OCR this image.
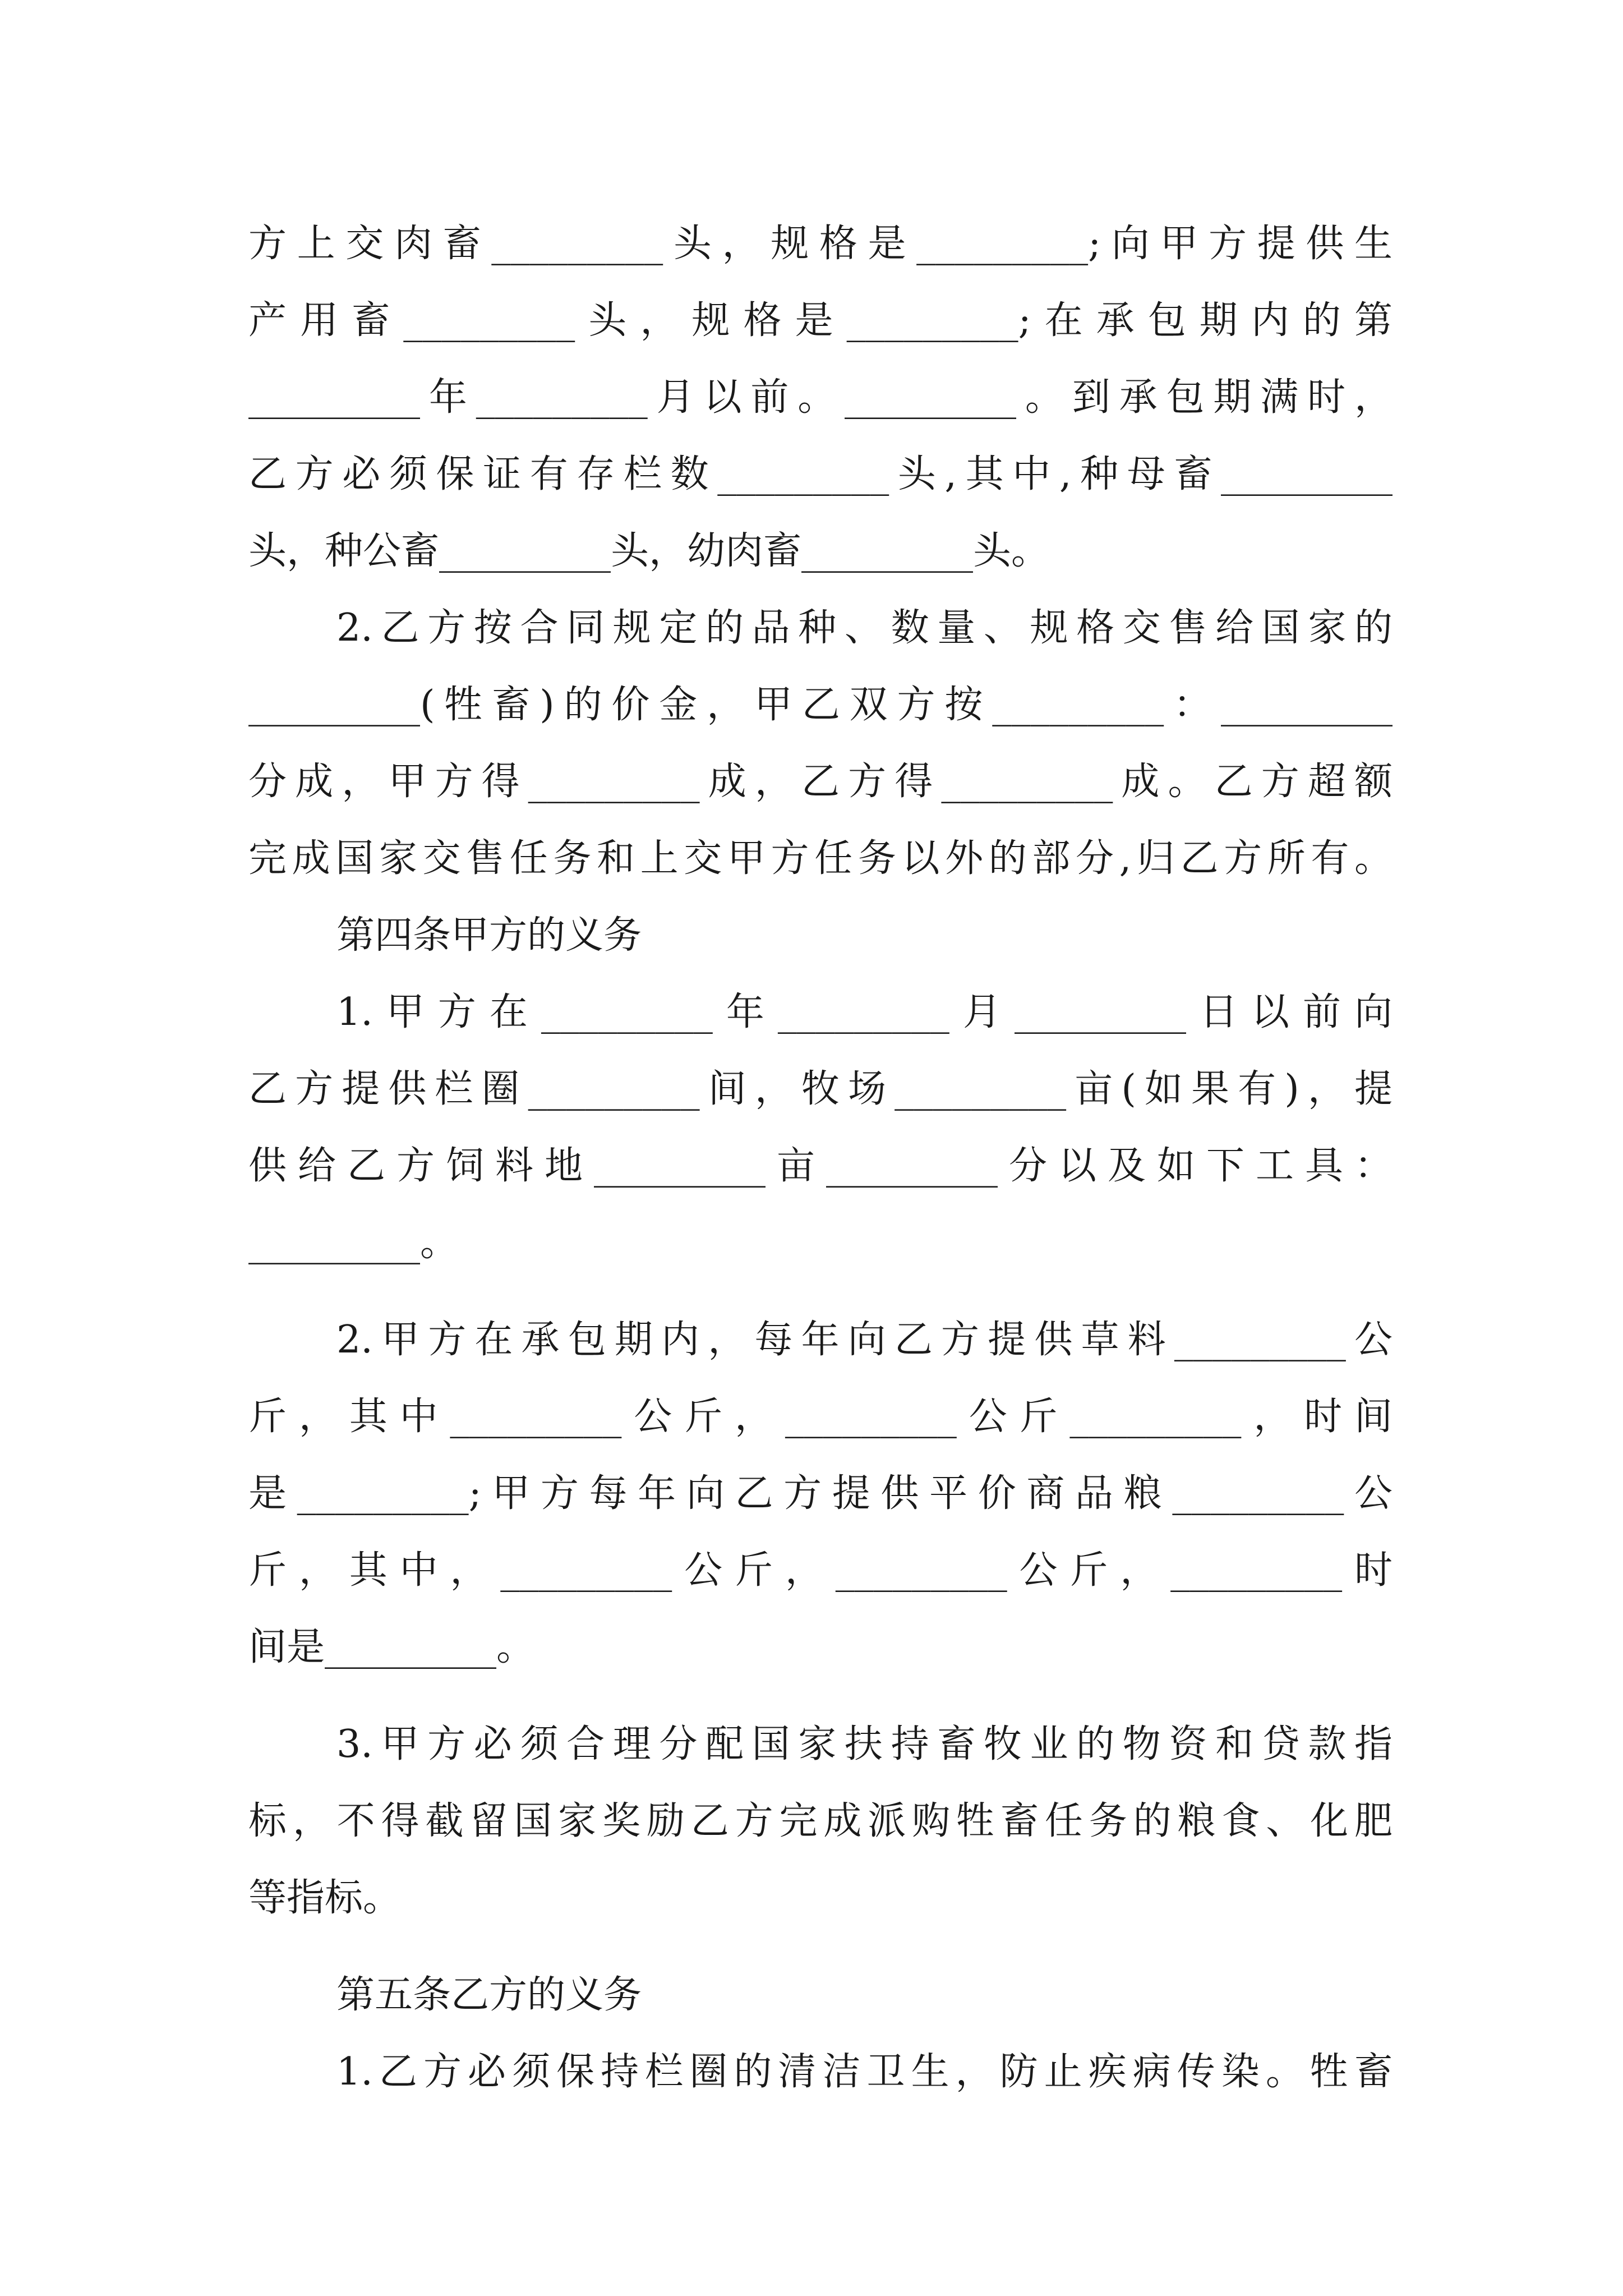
方上交肉畜_________头，规格是_________;向甲方提供生
产用畜_________头，规格是_________;在承包期内的第
_________年_________月以前。_________。到承包期满时，
乙方必须保证有存栏数_________头,其中,种母畜_________
头，种公畜_________头，幼肉畜_________头。
2.乙方按合同规定的品种、数量、规格交售给国家的
_________(牲畜)的价金，甲乙双方按_________：_________
分成，甲方得_________成，乙方得_________成。乙方超额
完成国家交售任务和上交甲方任务以外的部分,归乙方所有。
第四条甲方的义务
1.甲方在_________年_________月_________日以前向
乙方提供栏圈_________间，牧场_________亩(如果有)，提
供给乙方饲料地_________亩_________分以及如下工具：
_________。
2.甲方在承包期内，每年向乙方提供草料_________公
斤，其中_________公斤，_________公斤_________，时间
是_________;甲方每年向乙方提供平价商品粮_________公
斤，其中，_________公斤，_________公斤，_________时
间是_________。
3.甲方必须合理分配国家扶持畜牧业的物资和贷款指
标，不得截留国家奖励乙方完成派购牲畜任务的粮食、化肥
等指标。
第五条乙方的义务
1.乙方必须保持栏圈的清洁卫生，防止疾病传染。牲畜
